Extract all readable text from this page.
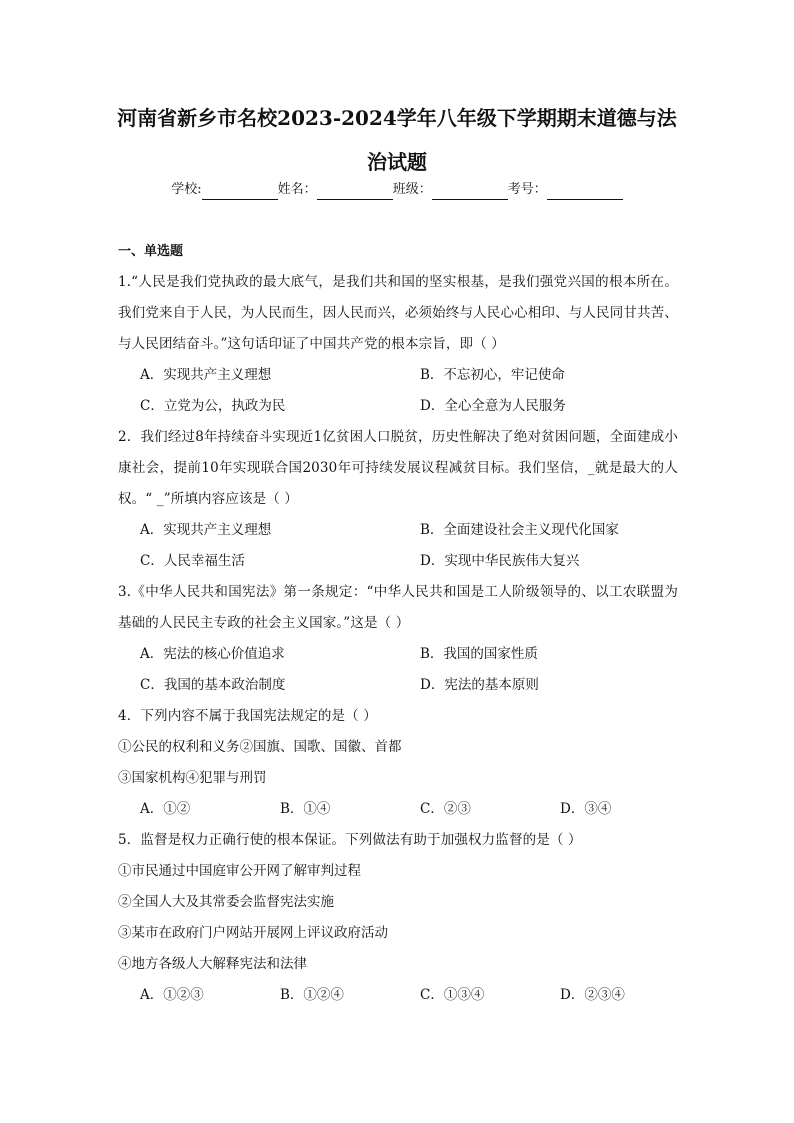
河南省新乡市名校2023-2024学年八年级下学期期末道德与法
治试题
学校:	姓名：	班级：	考号：
一、单选题
1.“人民是我们党执政的最大底气，是我们共和国的坚实根基，是我们强党兴国的根本所在。我们党来自于人民，为人民而生，因人民而兴，必须始终与人民心心相印、与人民同甘共苦、与人民团结奋斗。”这句话印证了中国共产党的根本宗旨，即（ ）
A．实现共产主义理想	B．不忘初心，牢记使命
C．立党为公，执政为民	D．全心全意为人民服务
2．我们经过8年持续奋斗实现近1亿贫困人口脱贫，历史性解决了绝对贫困问题，全面建成小康社会，提前10年实现联合国2030年可持续发展议程减贫目标。我们坚信，_就是最大的人权。“ _”所填内容应该是（ ）
A．实现共产主义理想	B．全面建设社会主义现代化国家
C．人民幸福生活	D．实现中华民族伟大复兴
3.《中华人民共和国宪法》第一条规定：“中华人民共和国是工人阶级领导的、以工农联盟为基础的人民民主专政的社会主义国家。”这是（ ）
A．宪法的核心价值追求	B．我国的国家性质
C．我国的基本政治制度	D．宪法的基本原则
4．下列内容不属于我国宪法规定的是（ ）
①公民的权利和义务②国旗、国歌、国徽、首都
③国家机构④犯罪与刑罚
A．①②	B．①④	C．②③	D．③④
5．监督是权力正确行使的根本保证。下列做法有助于加强权力监督的是（ ）
①市民通过中国庭审公开网了解审判过程
②全国人大及其常委会监督宪法实施
③某市在政府门户网站开展网上评议政府活动
④地方各级人大解释宪法和法律
A．①②③	B．①②④	C．①③④	D．②③④
